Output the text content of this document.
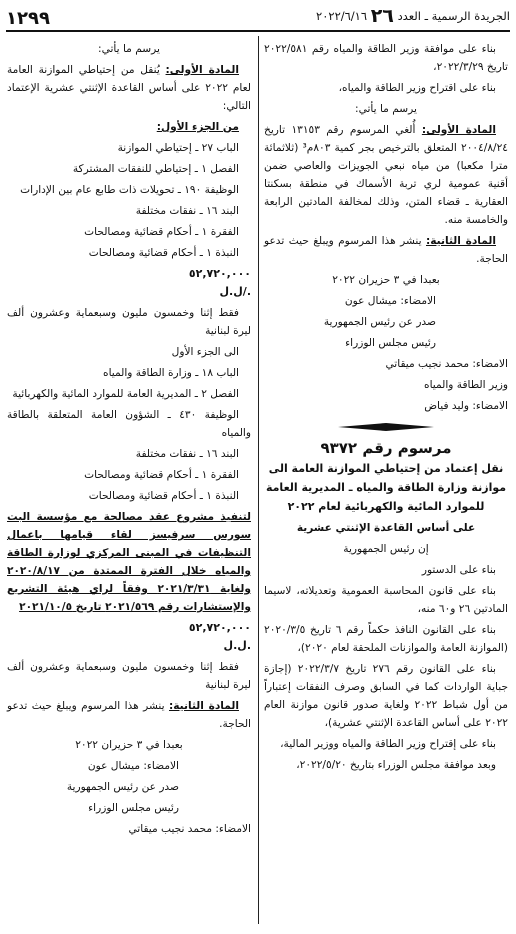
الجريدة الرسمية ـ العدد ٢٦ ٢٠٢٢/٦/١٦
١٢٩٩

بناء على موافقة وزير الطاقة والمياه رقم ٢٠٢٢/٥٨١ تاريخ ٢٠٢٢/٣/٢٩،

بناء على اقتراح وزير الطاقة والمياه،

يرسم ما يأتي:

المادة الأولى: أُلغي المرسوم رقم ١٣١٥٣ تاريخ ٢٠٠٤/٨/٢٤ المتعلق بالترخيص بجر كمية ٨٠٣م³ (ثلاثمائة مترا مكعبا) من مياه نبعي الجويزات والعاصي ضمن أقنية عمومية لري تربة الأسماك في منطقة بسكنتا العقارية ـ قضاء المتن، وذلك لمخالفة المادتين الرابعة والخامسة منه.

المادة الثانية: ينشر هذا المرسوم ويبلغ حيث تدعو الحاجة.

بعبدا في ٣ حزيران ٢٠٢٢

الامضاء: ميشال عون

صدر عن رئيس الجمهورية

رئيس مجلس الوزراء

الامضاء: محمد نجيب ميقاتي

وزير الطاقة والمياه

الامضاء: وليد فياض

مرسوم رقم ٩٣٧٢
نقل إعتماد من إحتياطي الموازنة العامة الى موازنة وزارة الطاقة والمياه ـ المديرية العامة للموارد المائية والكهربائية لعام ٢٠٢٢

على أساس القاعدة الإثنتي عشرية

إن رئيس الجمهورية

بناء على الدستور

بناء على قانون المحاسبة العمومية وتعديلاته، لاسيما المادتين ٢٦ و٦٠ منه،

بناء على القانون النافذ حكماً رقم ٦ تاريخ ٢٠٢٠/٣/٥ (الموازنة العامة والموازنات الملحقة لعام ٢٠٢٠)،

بناء على القانون رقم ٢٧٦ تاريخ ٢٠٢٢/٣/٧ (إجازة جباية الواردات كما في السابق وصرف النفقات إعتباراً من أول شباط ٢٠٢٢ ولغاية صدور قانون موازنة العام ٢٠٢٢ على أساس القاعدة الإثنتي عشرية)،

بناء على إقتراح وزير الطاقة والمياه ووزير المالية،

وبعد موافقة مجلس الوزراء بتاريخ ٢٠٢٢/٥/٢٠،

يرسم ما يأتي:

المادة الأولى: يُنقل من إحتياطي الموازنة العامة لعام ٢٠٢٢ على أساس القاعدة الإثنتي عشرية الإعتماد التالي:

من الجزء الأول:

الباب ٢٧ ـ إحتياطي الموازنة

الفصل ١ ـ إحتياطي للنفقات المشتركة

الوظيفة ١٩٠ ـ تحويلات ذات طابع عام بين الإدارات

البند ١٦ ـ نفقات مختلفة

الفقرة ١ ـ أحكام قضائية ومصالحات

النبذة ١ ـ أحكام قضائية ومصالحات

٥٢,٧٢٠,٠٠٠ /ل.ل.

فقط إثنا وخمسون مليون وسبعماية وعشرون ألف ليرة لبنانية

الى الجزء الأول

الباب ١٨ ـ وزارة الطاقة والمياه

الفصل ٢ ـ المديرية العامة للموارد المائية والكهربائية

الوظيفة ٤٣٠ ـ الشؤون العامة المتعلقة بالطاقة والمياه

البند ١٦ ـ نفقات مختلفة

الفقرة ١ ـ أحكام قضائية ومصالحات

النبذة ١ ـ أحكام قضائية ومصالحات

لتنفيذ مشروع عقد مصالحة مع مؤسسة البت سورس سرفيسز لقاء قيامها باعمال التنظيفات في المبنى المركزي لوزارة الطاقة والمياه خلال الفترة الممتدة من ٢٠٢٠/٨/١٧ ولغاية ٢٠٢١/٣/٣١ وفقاً لراي هيئة التشريع والإستشارات رقم ٢٠٢١/٥٦٩ تاريخ ٢٠٢١/١٠/٥

٥٢,٧٢٠,٠٠٠ ل.ل.

فقط إثنا وخمسون مليون وسبعماية وعشرون ألف ليرة لبنانية

المادة الثانية: ينشر هذا المرسوم ويبلغ حيث تدعو الحاجة.

بعبدا في ٣ حزيران ٢٠٢٢

الامضاء: ميشال عون

صدر عن رئيس الجمهورية

رئيس مجلس الوزراء

الامضاء: محمد نجيب ميقاتي
